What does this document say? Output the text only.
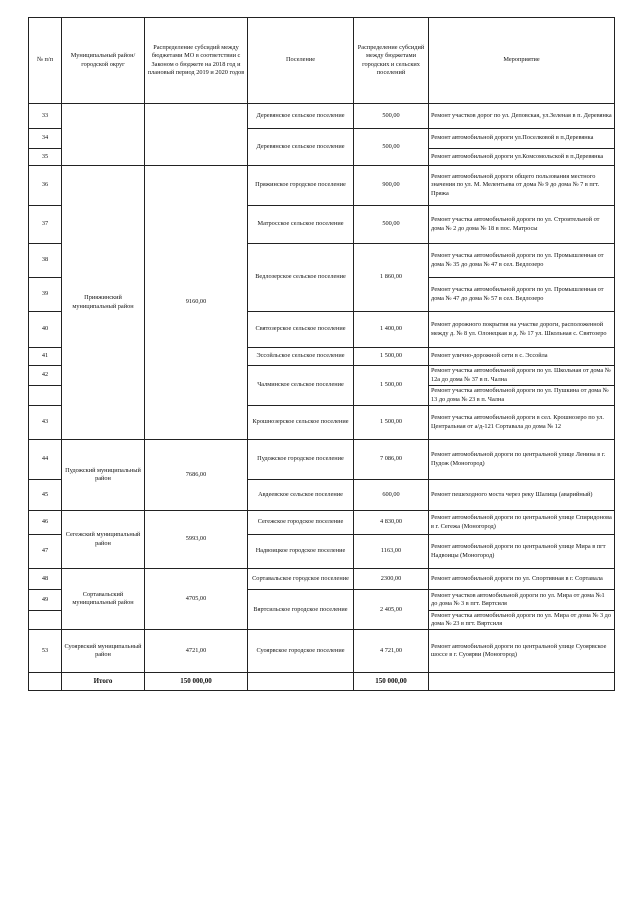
№ п/п	Муниципальный район/городской округ	Распределение субсидий между бюджетами МО в соответствии с Законом о бюджете на 2018 год и плановый период 2019 и 2020 годов	Поселение	Распределение субсидий между бюджетами городских и сельских поселений	Мероприятие
33			Деревянское сельское поселение	500,00	Ремонт участков дорог по ул. Деповская, ул.Зеленая в п. Деревянка
34			Деревянское сельское поселение	500,00	Ремонт автомобильной дороги ул.Поселковой в п.Деревянка
35					Ремонт автомобильной дороги ул.Комсомольской в п.Деревянка
36	Прияжинский муниципальный район	9160,00	Пряжинское городское поселение	900,00	Ремонт автомобильной дороги общего пользования местного значения по ул. М. Мелентьева от дома № 9 до дома № 7 в пгт. Пряжа
37			Матросское сельское поселение	500,00	Ремонт участка автомобильной дороги по ул. Строительной от дома № 2 до дома № 18 в пос. Матросы
38			Ведлозерское сельское поселение	1 860,00	Ремонт участка автомобильной дороги по ул. Промышленная от дома № 35 до дома № 47 в сел. Ведлозеро
39					Ремонт участка автомобильной дороги по ул. Промышленная от дома № 47 до дома № 57 в сел. Ведлозеро
40			Святозерское сельское поселение	1 400,00	Ремонт дорожного покрытия на участке дороги, расположенной между д. № 8 ул. Олонецкая и д. № 17 ул. Школьная с. Святозеро
41			Эссойльское сельское поселение	1 500,00	Ремонт улично-дорожной сети в с. Эссойла
42			Чалминское сельское поселение	1 500,00	Ремонт участка автомобильной дороги по ул. Школьная от дома № 12а до дома № 37 в п. Чална
					Ремонт участка автомобильной дороги по ул. Пушкина от дома № 13 до дома № 23 в п. Чална
43			Крошнозерское сельское поселение	1 500,00	Ремонт участка автомобильной дороги в сел. Крошнозеро по ул. Центральная от а/д-121 Сортавала до дома № 12
44	Пудожский муниципальный район	7686,00	Пудожское городское поселение	7 086,00	Ремонт автомобильной дороги по центральной улице Ленина в г. Пудож (Моногород)
45			Авдеевское сельское поселение	600,00	Ремонт пешеходного моста через реку Шалица (аварийный)
46	Сегежский муниципальный район	5993,00	Сегежское городское поселение	4 830,00	Ремонт автомобильной дороги по центральной улице Спиридонова в г. Сегежа (Моногород)
47			Надвоицкое городское поселение	1163,00	Ремонт автомобильной дороги по центральной улице Мира в пгт Надвоицы (Моногород)
48	Сортавальский муниципальный район	4705,00	Сортавальское городское поселение	2300,00	Ремонт автомобильной дороги по ул. Спортивная в г. Сортавала
49			Вяртсильское городское поселение	2 405,00	Ремонт участков автомобильной дороги по ул. Мира от дома №1 до дома № 3 в пгт. Вяртсиля
					Ремонт участка автомобильной дороги по ул. Мира от дома № 3 до дома № 23 в пгт. Вяртсиля
53	Суоярвский муниципальный район	4721,00	Суоярвское городское поселение	4 721,00	Ремонт автомобильной дороги по центральной улице Суоярвское шоссе в г. Суоярви (Моногород)
	Итого	150 000,00		150 000,00	
